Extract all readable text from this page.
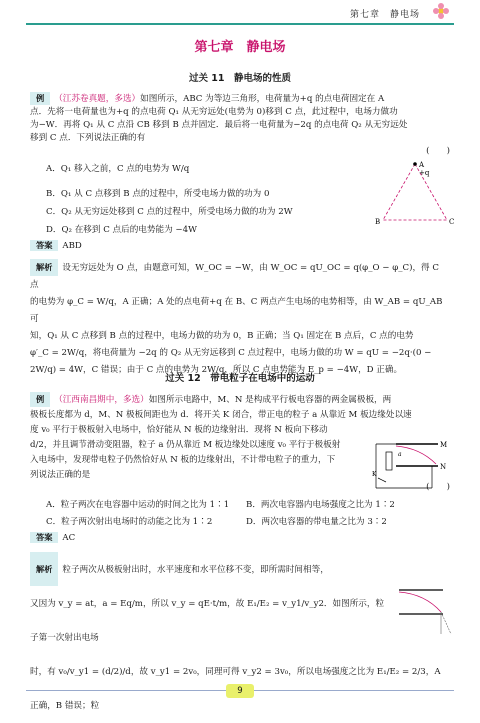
第七章　 静电场
第七章　静电场
过关 11　静电场的性质
例 （江苏卷真题，多选）如图所示，ABC 为等边三角形，电荷量为+q 的点电荷固定在 A
点．先将一电荷量也为+q 的点电荷 Q₁ 从无穷远处(电势为 0)移到 C 点，此过程中，电场力做功
为−W．再将 Q₁ 从 C 点沿 CB 移到 B 点并固定．最后将一电荷量为−2q 的点电荷 Q₂ 从无穷远处
移到 C 点．下列说法正确的有
(　　)
A．Q₁ 移入之前，C 点的电势为 W/q
B．Q₁ 从 C 点移到 B 点的过程中，所受电场力做的功为 0
C．Q₂ 从无穷远处移到 C 点的过程中，所受电场力做的功为 2W
D．Q₂ 在移到 C 点后的电势能为 −4W
A
+q
B	C
答案 ABD
解析 设无穷远处为 O 点，由题意可知，W_OC = −W，由 W_OC = qU_OC = q(φ_O − φ_C)，得 C 点
的电势为 φ_C = W/q，A 正确；A 处的点电荷+q 在 B、C 两点产生电场的电势相等，由 W_AB = qU_AB 可
知，Q₁ 从 C 点移到 B 点的过程中，电场力做的功为 0，B 正确；当 Q₁ 固定在 B 点后，C 点的电势
φ′_C = 2W/q，将电荷量为 −2q 的 Q₂ 从无穷远移到 C 点过程中，电场力做的功 W = qU = −2q·(0 −
2W/q) = 4W，C 错误；由于 C 点的电势为 2W/q，所以 C 点电势能为 E_p = −4W，D 正确。
过关 12　带电粒子在电场中的运动
例 （江西南昌期中，多选）如图所示电路中，M、N 是构成平行板电容器的两金属极板，两
极板长度都为 d，M、N 极板间距也为 d．将开关 K 闭合，带正电的粒子 a 从靠近 M 板边缘处以速
度 v₀ 平行于极板射入电场中，恰好能从 N 板的边缘射出．现将 N 板向下移动
d/2，并且调节滑动变阻器，粒子 a 仍从靠近 M 板边缘处以速度 v₀ 平行于极板射
入电场中，发现带电粒子仍然恰好从 N 板的边缘射出，不计带电粒子的重力，下
列说法正确的是
(　　)
M
N
a
K
A．粒子两次在电容器中运动的时间之比为 1∶1 B．两次电容器内电场强度之比为 1∶2
C．粒子两次射出电场时的动能之比为 1∶2	D．两次电容器的带电量之比为 3∶2
答案 AC
解析 粒子两次从极板射出时，水平速度和水平位移不变，即所需时间相等，
又因为 v_y = at，a = Eq/m，所以 v_y = qE·t/m，故 E₁/E₂ = v_y1/v_y2．如图所示，粒子第一次射出电场
时，有 v₀/v_y1 = (d/2)/d，故 v_y1 = 2v₀，同理可得 v_y2 = 3v₀，所以电场强度之比为 E₁/E₂ = 2/3，A 正确，B 错误；粒
9
